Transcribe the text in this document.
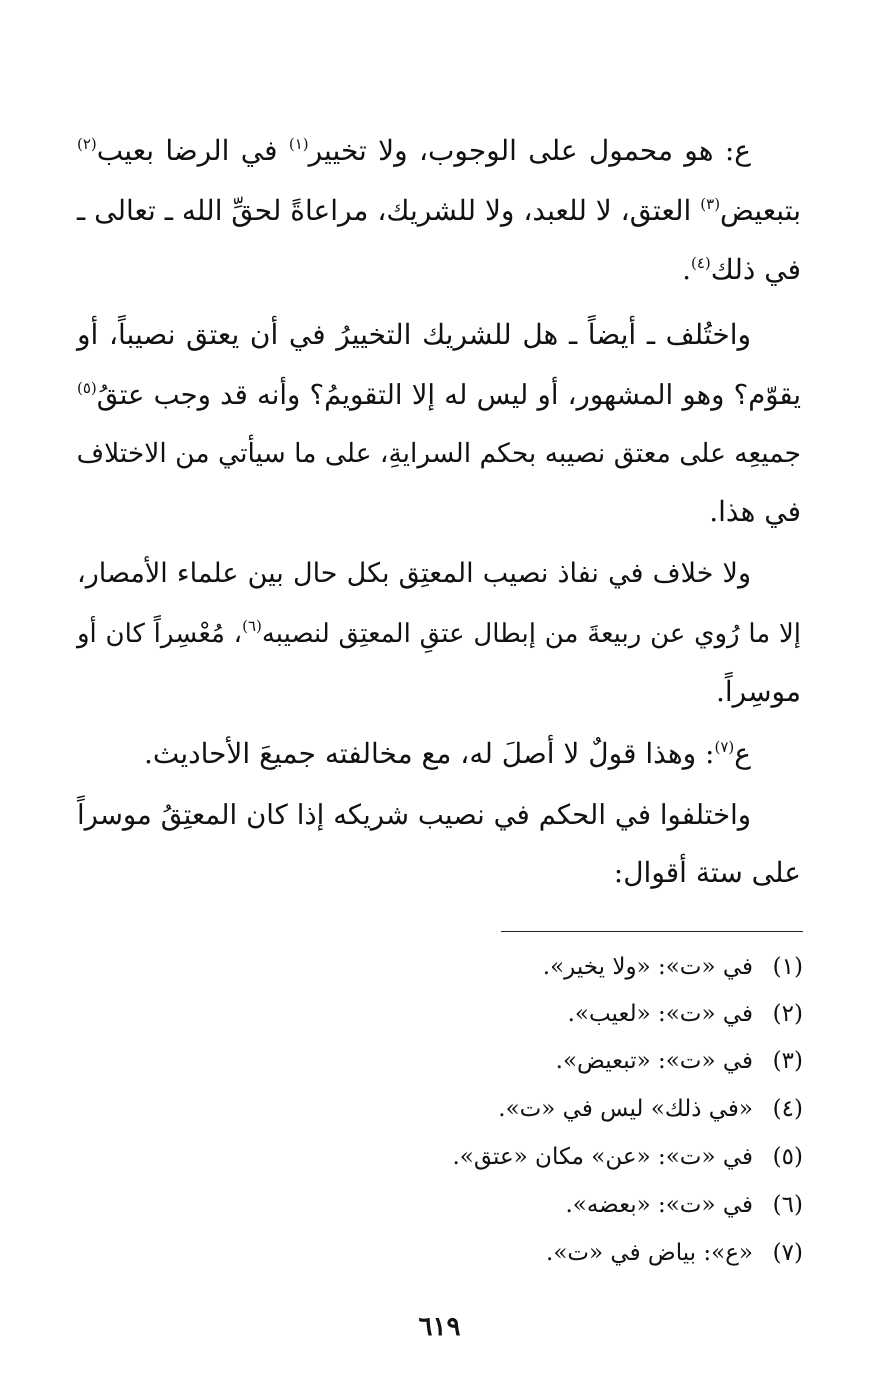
ع: هو محمول على الوجوب، ولا تخيير$^{(١)}$ في الرضا بعيب$^{(٢)}$
بتبعيض$^{(٣)}$ العتق، لا للعبد، ولا للشريك، مراعاةً لحقِّ الله ـ تعالى ـ
في ذلك$^{(٤)}$.
واختُلف ـ أيضاً ـ هل للشريك التخييرُ في أن يعتق نصيباً، أو
يقوّم؟ وهو المشهور، أو ليس له إلا التقويمُ؟ وأنه قد وجب عتقُ$^{(٥)}$
جميعِه على معتق نصيبه بحكم السرايةِ، على ما سيأتي من الاختلاف
في هذا.
ولا خلاف في نفاذ نصيب المعتِق بكل حال بين علماء الأمصار،
إلا ما رُوي عن ربيعةَ من إبطال عتقِ المعتِق لنصيبه$^{(٦)}$، مُعْسِراً كان أو
موسِراً.
ع$^{(٧)}$: وهذا قولٌ لا أصلَ له، مع مخالفته جميعَ الأحاديث.
واختلفوا في الحكم في نصيب شريكه إذا كان المعتِقُ موسراً
على ستة أقوال:
(١)في «ت»: «ولا يخير».
(٢)في «ت»: «لعيب».
(٣)في «ت»: «تبعيض».
(٤)«في ذلك» ليس في «ت».
(٥)في «ت»: «عن» مكان «عتق».
(٦)في «ت»: «بعضه».
(٧)«ع»: بياض في «ت».
٦١٩
